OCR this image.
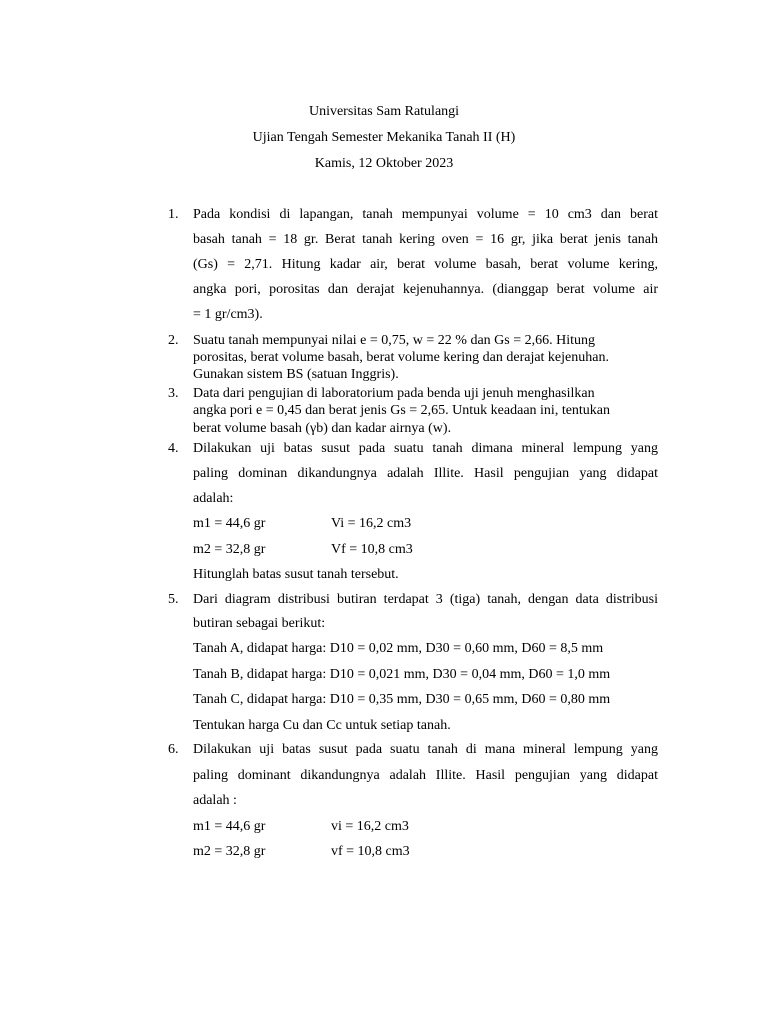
Universitas Sam Ratulangi
Ujian Tengah Semester Mekanika Tanah II (H)
Kamis, 12 Oktober 2023
1. Pada kondisi di lapangan, tanah mempunyai volume = 10 cm3 dan berat
basah tanah = 18 gr. Berat tanah kering oven = 16 gr, jika berat jenis tanah
(Gs) = 2,71. Hitung kadar air, berat volume basah, berat volume kering,
angka pori, porositas dan derajat kejenuhannya. (dianggap berat volume air
= 1 gr/cm3).
2. Suatu tanah mempunyai nilai e = 0,75, w = 22 % dan Gs = 2,66. Hitung
porositas, berat volume basah, berat volume kering dan derajat kejenuhan.
Gunakan sistem BS (satuan Inggris).
3. Data dari pengujian di laboratorium pada benda uji jenuh menghasilkan
angka pori e = 0,45 dan berat jenis Gs = 2,65. Untuk keadaan ini, tentukan
berat volume basah (γb) dan kadar airnya (w).
4. Dilakukan uji batas susut pada suatu tanah dimana mineral lempung yang
paling dominan dikandungnya adalah Illite. Hasil pengujian yang didapat
adalah:
m1 = 44,6 gr	Vi = 16,2 cm3
m2 = 32,8 gr	Vf = 10,8 cm3
Hitunglah batas susut tanah tersebut.
5. Dari diagram distribusi butiran terdapat 3 (tiga) tanah, dengan data distribusi
butiran sebagai berikut:
Tanah A, didapat harga: D10 = 0,02 mm, D30 = 0,60 mm, D60 = 8,5 mm
Tanah B, didapat harga: D10 = 0,021 mm, D30 = 0,04 mm, D60 = 1,0 mm
Tanah C, didapat harga: D10 = 0,35 mm, D30 = 0,65 mm, D60 = 0,80 mm
Tentukan harga Cu dan Cc untuk setiap tanah.
6. Dilakukan uji batas susut pada suatu tanah di mana mineral lempung yang
paling dominant dikandungnya adalah Illite. Hasil pengujian yang didapat
adalah :
m1 = 44,6 gr	vi = 16,2 cm3
m2 = 32,8 gr	vf = 10,8 cm3
